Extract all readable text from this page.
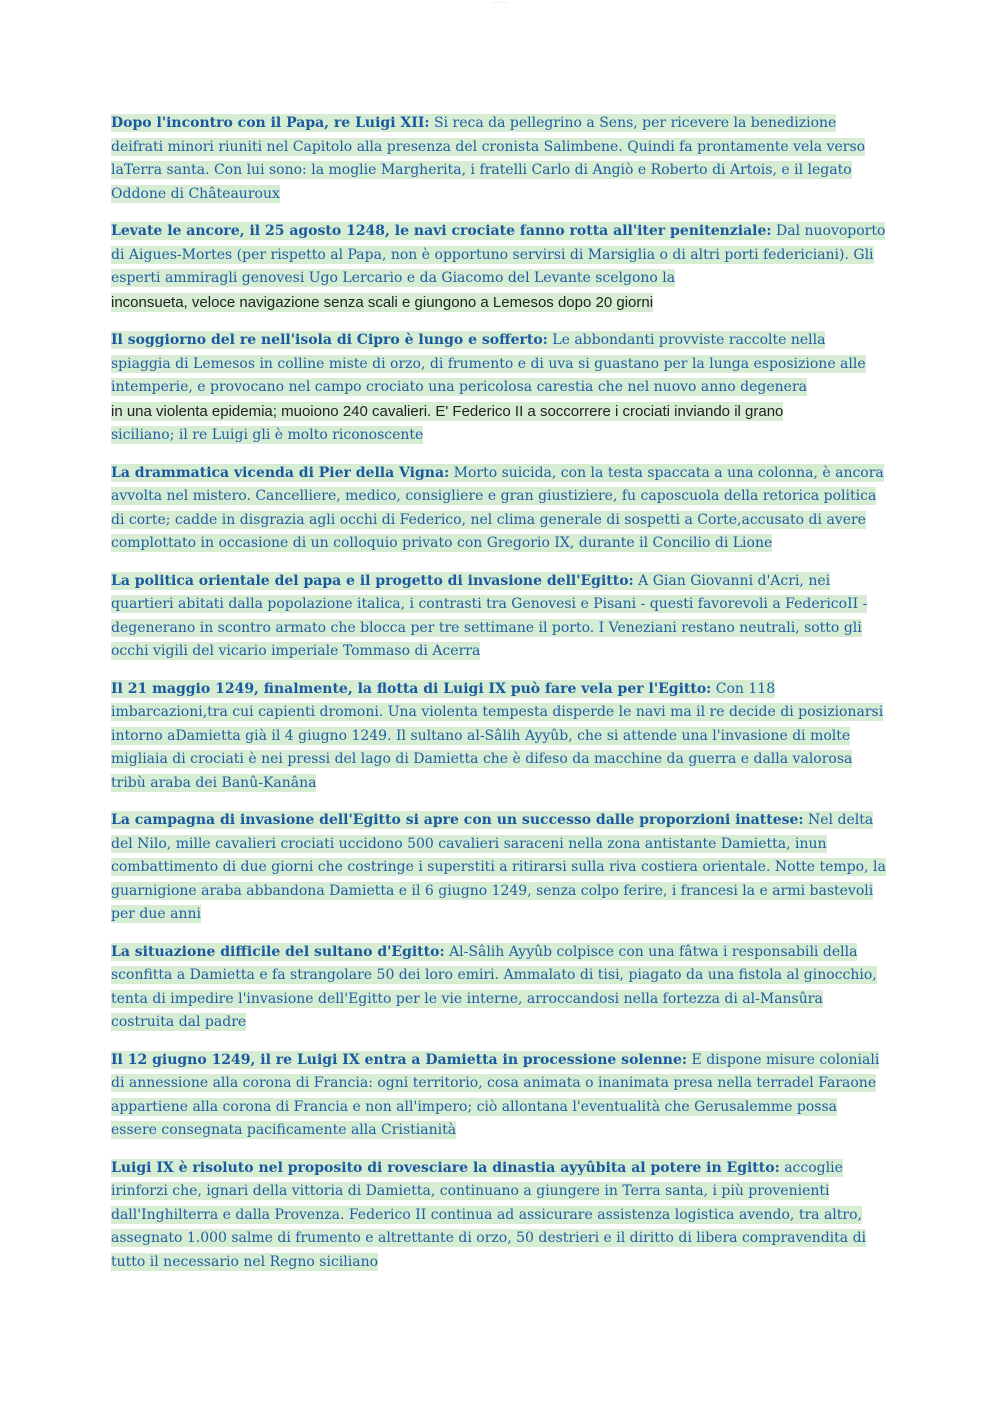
· · · ·

Dopo l'incontro con il Papa, re Luigi XII: Si reca da pellegrino a Sens, per ricevere la benedizione deifrati minori riuniti nel Capitolo alla presenza del cronista Salimbene. Quindi fa prontamente vela verso laTerra santa. Con lui sono: la moglie Margherita, i fratelli Carlo di Angiò e Roberto di Artois, e il legato Oddone di Châteauroux

Levate le ancore, il 25 agosto 1248, le navi crociate fanno rotta all'iter penitenziale: Dal nuovoporto di Aigues-Mortes (per rispetto al Papa, non è opportuno servirsi di Marsiglia o di altri porti federiciani). Gli esperti ammiragli genovesi Ugo Lercario e da Giacomo del Levante scelgono la
inconsueta, veloce navigazione senza scali e giungono a Lemesos dopo 20 giorni

Il soggiorno del re nell'isola di Cipro è lungo e sofferto: Le abbondanti provviste raccolte nella spiaggia di Lemesos in colline miste di orzo, di frumento e di uva si guastano per la lunga esposizione alle intemperie, e provocano nel campo crociato una pericolosa carestia che nel nuovo anno degenera
in una violenta epidemia; muoiono 240 cavalieri. E' Federico II a soccorrere i crociati inviando il grano
siciliano; il re Luigi gli è molto riconoscente

La drammatica vicenda di Pier della Vigna: Morto suicida, con la testa spaccata a una colonna, è ancora avvolta nel mistero. Cancelliere, medico, consigliere e gran giustiziere, fu caposcuola della retorica politica di corte; cadde in disgrazia agli occhi di Federico, nel clima generale di sospetti a Corte,accusato di avere complottato in occasione di un colloquio privato con Gregorio IX, durante il Concilio di Lione

La politica orientale del papa e il progetto di invasione dell'Egitto: A Gian Giovanni d'Acri, nei quartieri abitati dalla popolazione italica, i contrasti tra Genovesi e Pisani - questi favorevoli a FedericoII - degenerano in scontro armato che blocca per tre settimane il porto. I Veneziani restano neutrali, sotto gli occhi vigili del vicario imperiale Tommaso di Acerra

Il 21 maggio 1249, finalmente, la flotta di Luigi IX può fare vela per l'Egitto: Con 118 imbarcazioni,tra cui capienti dromoni. Una violenta tempesta disperde le navi ma il re decide di posizionarsi intorno aDamietta già il 4 giugno 1249. Il sultano al-Sâlih Ayyûb, che si attende una l'invasione di molte migliaia di crociati è nei pressi del lago di Damietta che è difeso da macchine da guerra e dalla valorosa tribù araba dei Banû-Kanâna

La campagna di invasione dell'Egitto si apre con un successo dalle proporzioni inattese: Nel delta del Nilo, mille cavalieri crociati uccidono 500 cavalieri saraceni nella zona antistante Damietta, inun combattimento di due giorni che costringe i superstiti a ritirarsi sulla riva costiera orientale. Notte tempo, la guarnigione araba abbandona Damietta e il 6 giugno 1249, senza colpo ferire, i francesi la e armi bastevoli per due anni

La situazione difficile del sultano d'Egitto: Al-Sâlih Ayyûb colpisce con una fâtwa i responsabili della sconfitta a Damietta e fa strangolare 50 dei loro emiri. Ammalato di tisi, piagato da una fistola al ginocchio, tenta di impedire l'invasione dell'Egitto per le vie interne, arroccandosi nella fortezza di al-Mansûra costruita dal padre

Il 12 giugno 1249, il re Luigi IX entra a Damietta in processione solenne: E dispone misure coloniali di annessione alla corona di Francia: ogni territorio, cosa animata o inanimata presa nella terradel Faraone appartiene alla corona di Francia e non all'impero; ciò allontana l'eventualità che Gerusalemme possa essere consegnata pacificamente alla Cristianità

Luigi IX è risoluto nel proposito di rovesciare la dinastia ayyûbita al potere in Egitto: accoglie irinforzi che, ignari della vittoria di Damietta, continuano a giungere in Terra santa, i più provenienti dall'Inghilterra e dalla Provenza. Federico II continua ad assicurare assistenza logistica avendo, tra altro, assegnato 1.000 salme di frumento e altrettante di orzo, 50 destrieri e il diritto di libera compravendita di tutto il necessario nel Regno siciliano
